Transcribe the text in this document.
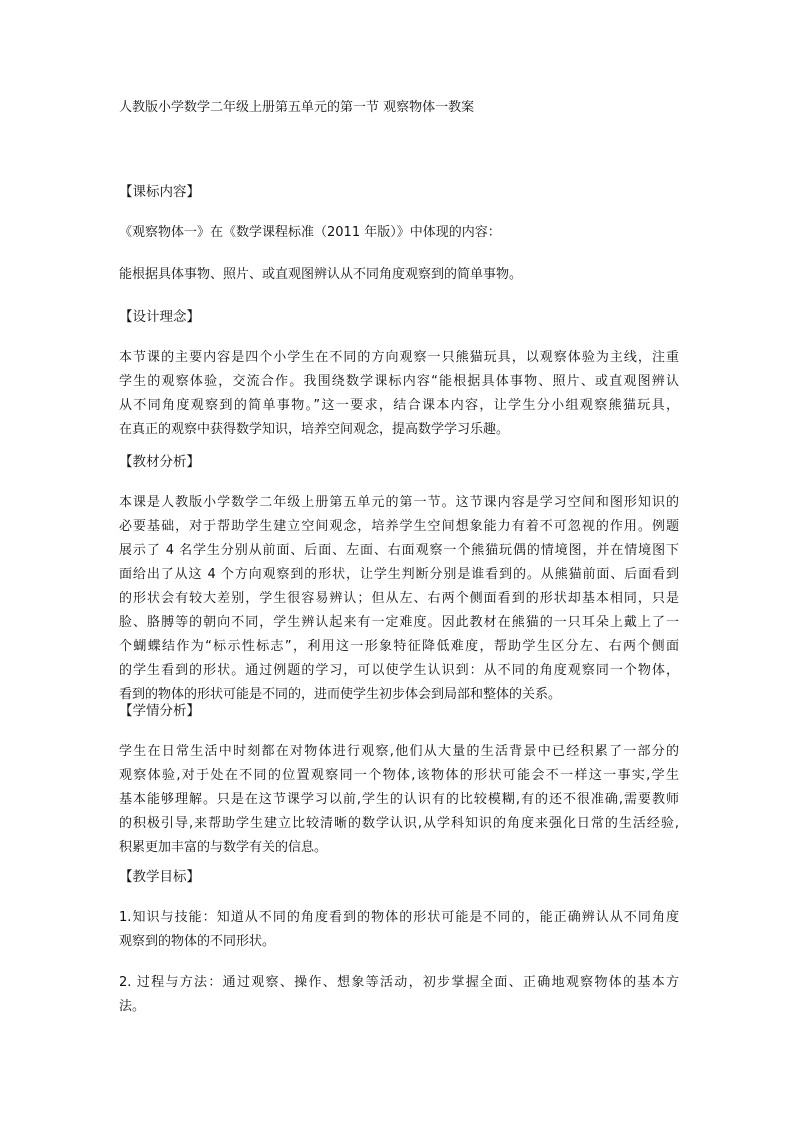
人教版小学数学二年级上册第五单元的第一节 观察物体一教案

【课标内容】

《观察物体一》在《数学课程标准（2011 年版）》中体现的内容：

能根据具体事物、照片、或直观图辨认从不同角度观察到的简单事物。

【设计理念】

本节课的主要内容是四个小学生在不同的方向观察一只熊猫玩具，以观察体验为主线，注重
学生的观察体验，交流合作。我围绕数学课标内容“能根据具体事物、照片、或直观图辨认
从不同角度观察到的简单事物。”这一要求，结合课本内容，让学生分小组观察熊猫玩具，
在真正的观察中获得数学知识，培养空间观念，提高数学学习乐趣。

【教材分析】

本课是人教版小学数学二年级上册第五单元的第一节。这节课内容是学习空间和图形知识的
必要基础，对于帮助学生建立空间观念，培养学生空间想象能力有着不可忽视的作用。例题
展示了 4 名学生分别从前面、后面、左面、右面观察一个熊猫玩偶的情境图，并在情境图下
面给出了从这 4 个方向观察到的形状，让学生判断分别是谁看到的。从熊猫前面、后面看到
的形状会有较大差别，学生很容易辨认；但从左、右两个侧面看到的形状却基本相同，只是
脸、胳膊等的朝向不同，学生辨认起来有一定难度。因此教材在熊猫的一只耳朵上戴上了一
个蝴蝶结作为“标示性标志”，利用这一形象特征降低难度，帮助学生区分左、右两个侧面
的学生看到的形状。通过例题的学习，可以使学生认识到：从不同的角度观察同一个物体，
看到的物体的形状可能是不同的，进而使学生初步体会到局部和整体的关系。

【学情分析】

学生在日常生活中时刻都在对物体进行观察,他们从大量的生活背景中已经积累了一部分的
观察体验,对于处在不同的位置观察同一个物体,该物体的形状可能会不一样这一事实,学生
基本能够理解。只是在这节课学习以前,学生的认识有的比较模糊,有的还不很准确,需要教师
的积极引导,来帮助学生建立比较清晰的数学认识,从学科知识的角度来强化日常的生活经验,
积累更加丰富的与数学有关的信息。

【教学目标】

1.知识与技能：知道从不同的角度看到的物体的形状可能是不同的，能正确辨认从不同角度
观察到的物体的不同形状。
2. 过程与方法：通过观察、操作、想象等活动，初步掌握全面、正确地观察物体的基本方
法。
